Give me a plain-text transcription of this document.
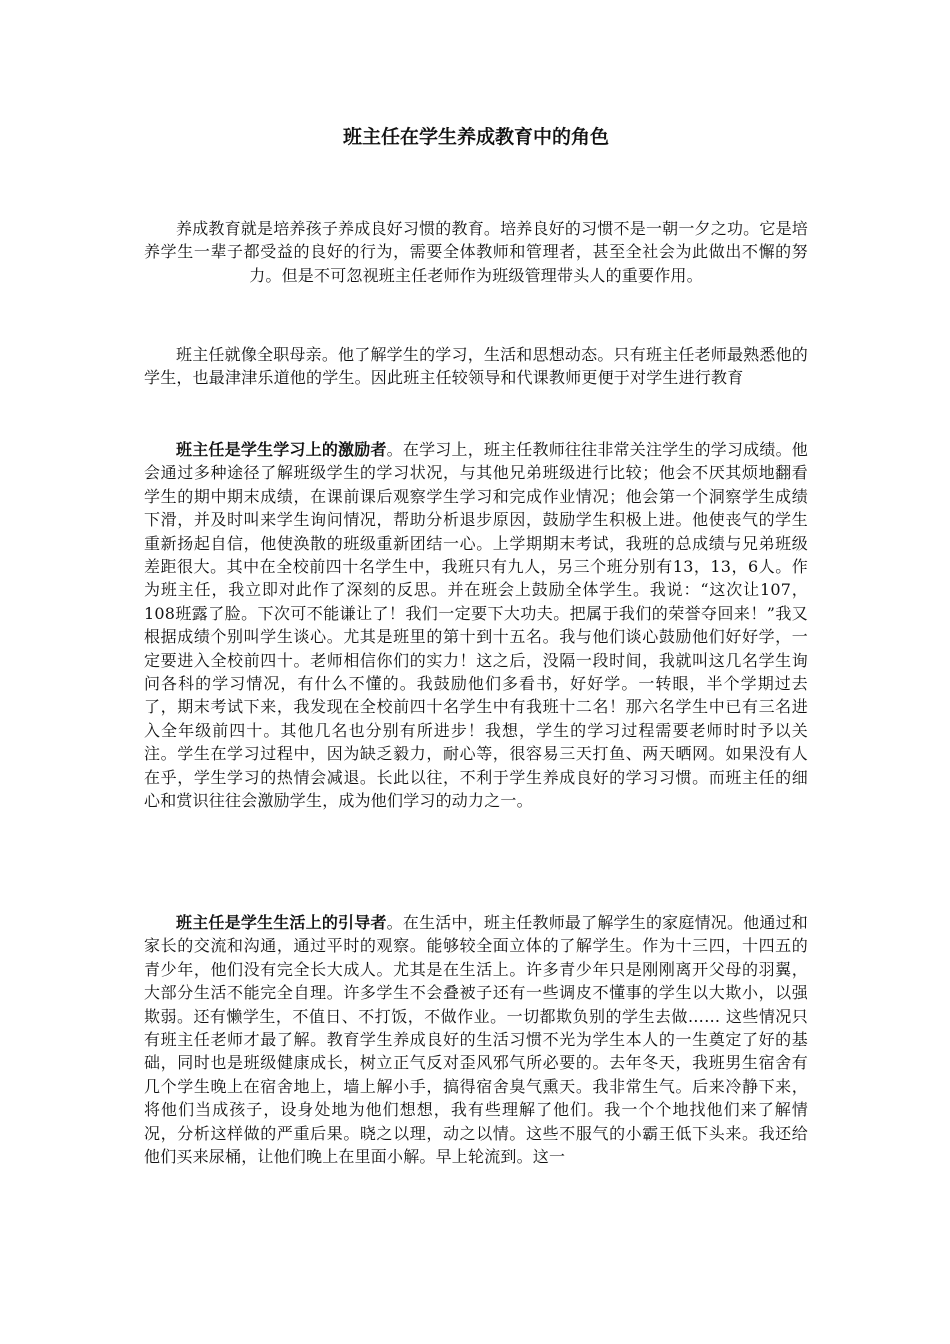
班主任在学生养成教育中的角色

养成教育就是培养孩子养成良好习惯的教育。培养良好的习惯不是一朝一夕之功。它是培养学生一辈子都受益的良好的行为，需要全体教师和管理者，甚至全社会为此做出不懈的努力。但是不可忽视班主任老师作为班级管理带头人的重要作用。

班主任就像全职母亲。他了解学生的学习，生活和思想动态。只有班主任老师最熟悉他的学生，也最津津乐道他的学生。因此班主任较领导和代课教师更便于对学生进行教育

班主任是学生学习上的激励者。在学习上，班主任教师往往非常关注学生的学习成绩。他会通过多种途径了解班级学生的学习状况，与其他兄弟班级进行比较；他会不厌其烦地翻看学生的期中期末成绩，在课前课后观察学生学习和完成作业情况；他会第一个洞察学生成绩下滑，并及时叫来学生询问情况，帮助分析退步原因，鼓励学生积极上进。他使丧气的学生重新扬起自信，他使涣散的班级重新团结一心。上学期期末考试，我班的总成绩与兄弟班级差距很大。其中在全校前四十名学生中，我班只有九人，另三个班分别有13，13，6人。作为班主任，我立即对此作了深刻的反思。并在班会上鼓励全体学生。我说：“这次让107，108班露了脸。下次可不能谦让了！我们一定要下大功夫。把属于我们的荣誉夺回来！”我又根据成绩个别叫学生谈心。尤其是班里的第十到十五名。我与他们谈心鼓励他们好好学，一定要进入全校前四十。老师相信你们的实力！这之后，没隔一段时间，我就叫这几名学生询问各科的学习情况，有什么不懂的。我鼓励他们多看书，好好学。一转眼，半个学期过去了，期末考试下来，我发现在全校前四十名学生中有我班十二名！那六名学生中已有三名进入全年级前四十。其他几名也分别有所进步！我想，学生的学习过程需要老师时时予以关注。学生在学习过程中，因为缺乏毅力，耐心等，很容易三天打鱼、两天晒网。如果没有人在乎，学生学习的热情会减退。长此以往，不利于学生养成良好的学习习惯。而班主任的细心和赏识往往会激励学生，成为他们学习的动力之一。

班主任是学生生活上的引导者。在生活中，班主任教师最了解学生的家庭情况。他通过和家长的交流和沟通，通过平时的观察。能够较全面立体的了解学生。作为十三四，十四五的青少年，他们没有完全长大成人。尤其是在生活上。许多青少年只是刚刚离开父母的羽翼，大部分生活不能完全自理。许多学生不会叠被子还有一些调皮不懂事的学生以大欺小，以强欺弱。还有懒学生，不值日、不打饭，不做作业。一切都欺负别的学生去做…… 这些情况只有班主任老师才最了解。教育学生养成良好的生活习惯不光为学生本人的一生奠定了好的基础，同时也是班级健康成长，树立正气反对歪风邪气所必要的。去年冬天，我班男生宿舍有几个学生晚上在宿舍地上，墙上解小手，搞得宿舍臭气熏天。我非常生气。后来冷静下来，将他们当成孩子，设身处地为他们想想，我有些理解了他们。我一个个地找他们来了解情况，分析这样做的严重后果。晓之以理，动之以情。这些不服气的小霸王低下头来。我还给他们买来尿桶，让他们晚上在里面小解。早上轮流到。这一
